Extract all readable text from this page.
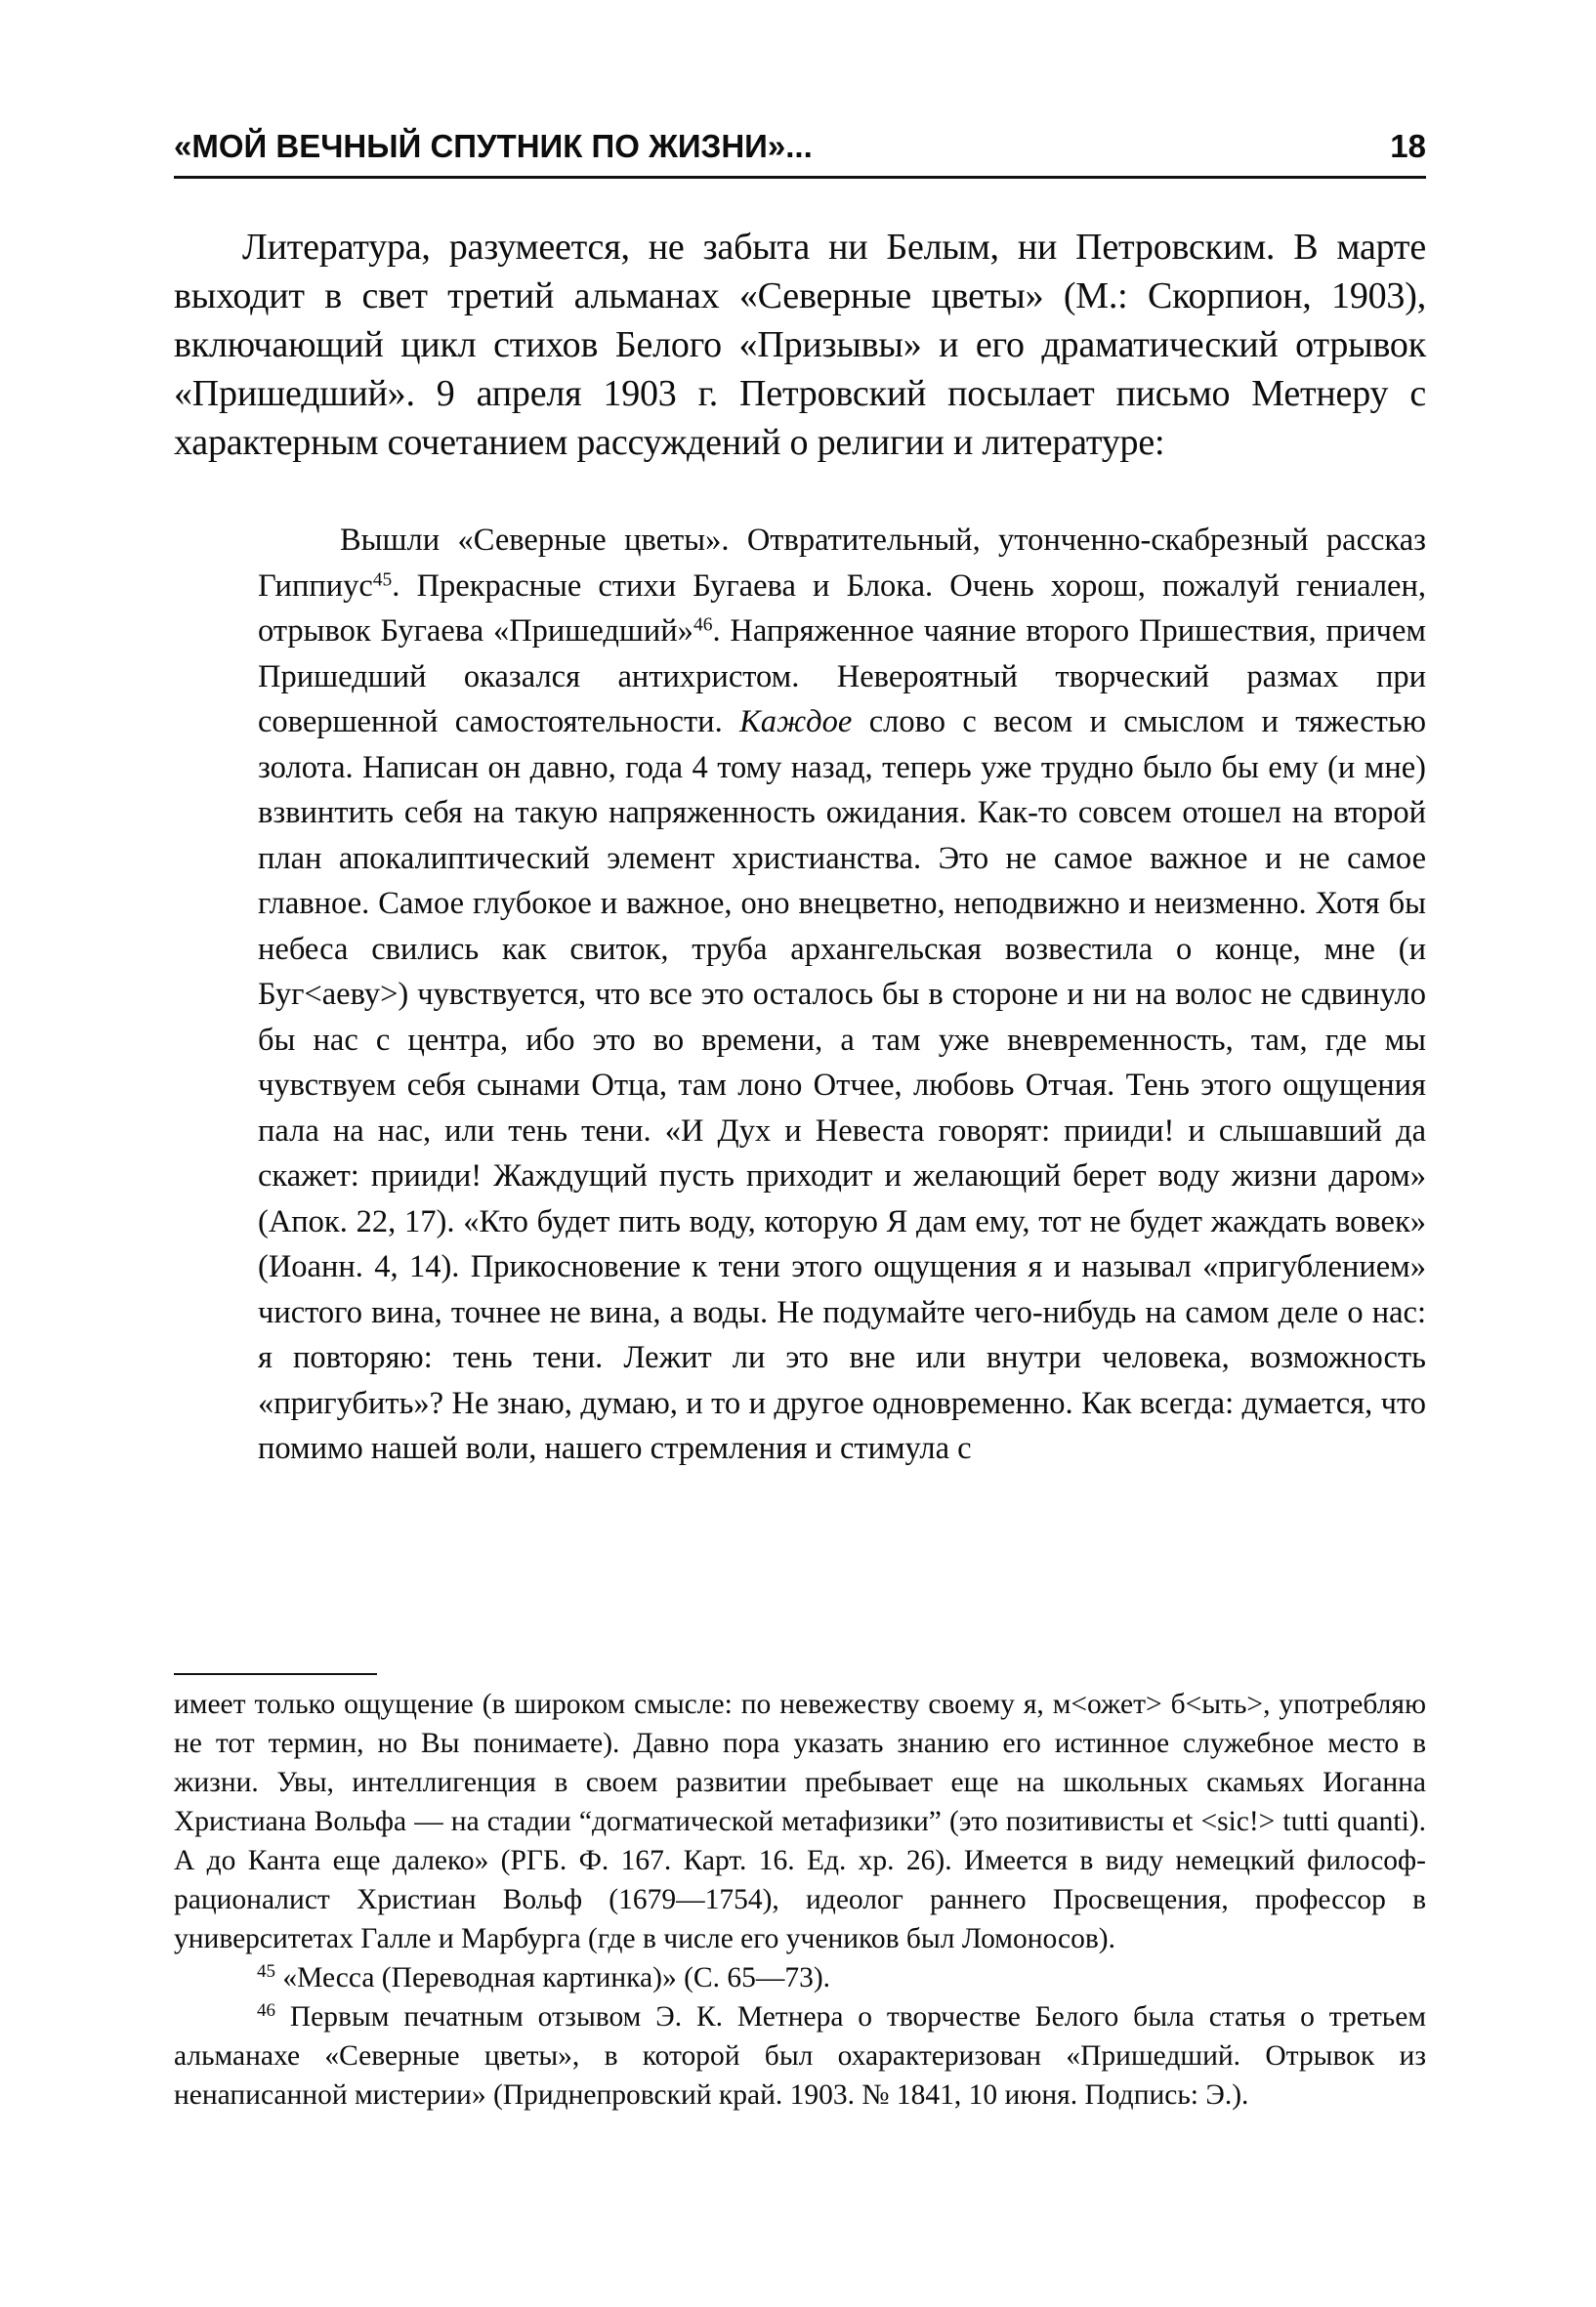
«МОЙ ВЕЧНЫЙ СПУТНИК ПО ЖИЗНИ»...	18

Литература, разумеется, не забыта ни Белым, ни Петровским. В марте выходит в свет третий альманах «Северные цветы» (М.: Скорпион, 1903), включающий цикл стихов Белого «Призывы» и его драматический отрывок «Пришедший». 9 апреля 1903 г. Петровский посылает письмо Метнеру с характерным сочетанием рассуждений о религии и литературе:

Вышли «Северные цветы». Отвратительный, утонченно-скабрезный рассказ Гиппиус$^{45}$. Прекрасные стихи Бугаева и Блока. Очень хорош, пожалуй гениален, отрывок Бугаева «Пришедший»$^{46}$. Напряженное чаяние второго Пришествия, причем Пришедший оказался антихристом. Невероятный творческий размах при совершенной самостоятельности. Каждое слово с весом и смыслом и тяжестью золота. Написан он давно, года 4 тому назад, теперь уже трудно было бы ему (и мне) взвинтить себя на такую напряженность ожидания. Как-то совсем отошел на второй план апокалиптический элемент христианства. Это не самое важное и не самое главное. Самое глубокое и важное, оно внецветно, неподвижно и неизменно. Хотя бы небеса свились как свиток, труба архангельская возвестила о конце, мне (и Буг<аеву>) чувствуется, что все это осталось бы в стороне и ни на волос не сдвинуло бы нас с центра, ибо это во времени, а там уже вневременность, там, где мы чувствуем себя сынами Отца, там лоно Отчее, любовь Отчая. Тень этого ощущения пала на нас, или тень тени. «И Дух и Невеста говорят: прииди! и слышавший да скажет: прииди! Жаждущий пусть приходит и желающий берет воду жизни даром» (Апок. 22, 17). «Кто будет пить воду, которую Я дам ему, тот не будет жаждать вовек» (Иоанн. 4, 14). Прикосновение к тени этого ощущения я и называл «пригублением» чистого вина, точнее не вина, а воды. Не подумайте чего-нибудь на самом деле о нас: я повторяю: тень тени. Лежит ли это вне или внутри человека, возможность «пригубить»? Не знаю, думаю, и то и другое одновременно. Как всегда: думается, что помимо нашей воли, нашего стремления и стимула с

имеет только ощущение (в широком смысле: по невежеству своему я, м<ожет> б<ыть>, употребляю не тот термин, но Вы понимаете). Давно пора указать знанию его истинное служебное место в жизни. Увы, интеллигенция в своем развитии пребывает еще на школьных скамьях Иоганна Христиана Вольфа — на стадии “догматической метафизики” (это позитивисты et <sic!> tutti quanti). А до Канта еще далеко» (РГБ. Ф. 167. Карт. 16. Ед. хр. 26). Имеется в виду немецкий философ-рационалист Христиан Вольф (1679—1754), идеолог раннего Просвещения, профессор в университетах Галле и Марбурга (где в числе его учеников был Ломоносов).

$^{45}$ «Месса (Переводная картинка)» (С. 65—73).

$^{46}$ Первым печатным отзывом Э. К. Метнера о творчестве Белого была статья о третьем альманахе «Северные цветы», в которой был охарактеризован «Пришедший. Отрывок из ненаписанной мистерии» (Приднепровский край. 1903. № 1841, 10 июня. Подпись: Э.).
